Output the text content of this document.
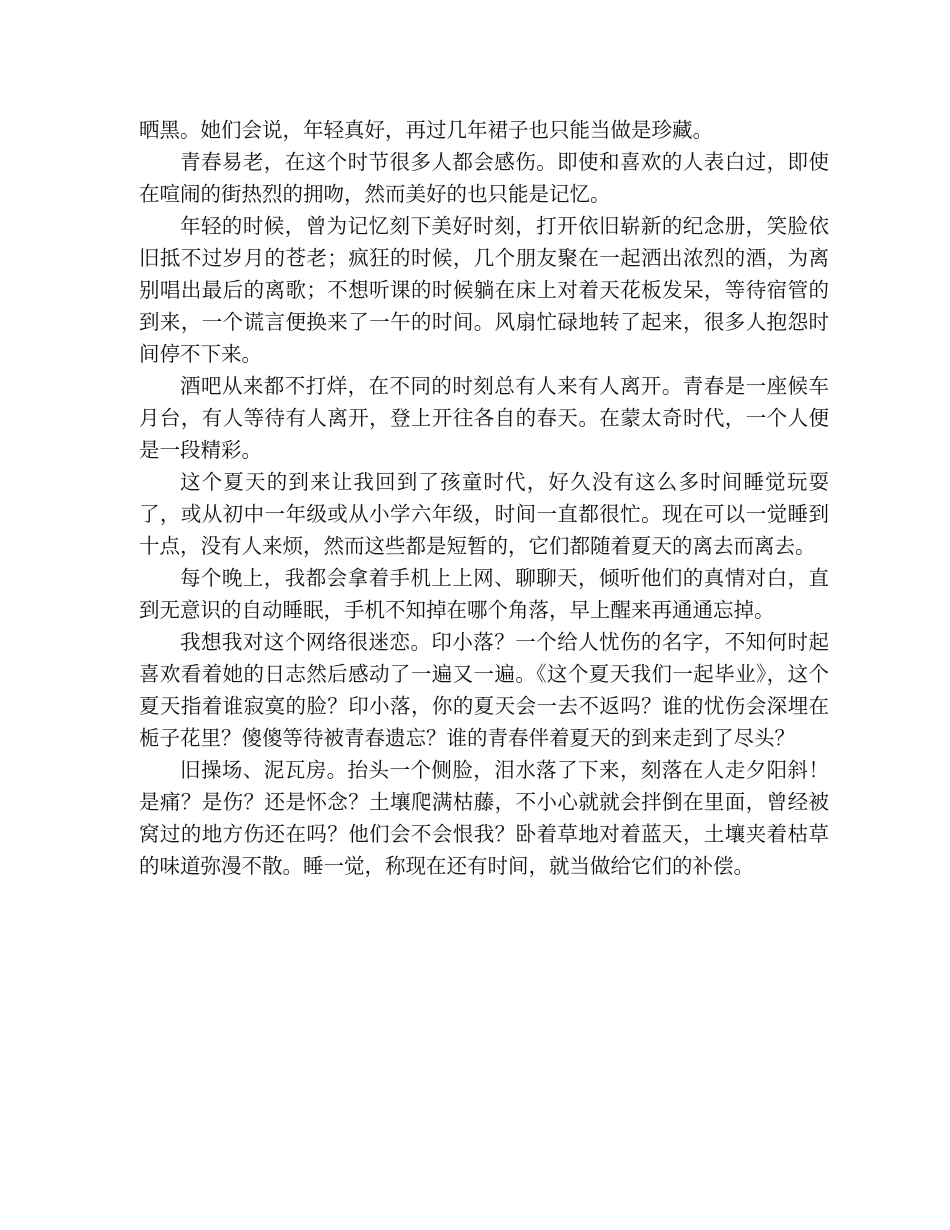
晒黑。她们会说，年轻真好，再过几年裙子也只能当做是珍藏。

青春易老，在这个时节很多人都会感伤。即使和喜欢的人表白过，即使在喧闹的街热烈的拥吻，然而美好的也只能是记忆。

年轻的时候，曾为记忆刻下美好时刻，打开依旧崭新的纪念册，笑脸依旧抵不过岁月的苍老；疯狂的时候，几个朋友聚在一起洒出浓烈的酒，为离别唱出最后的离歌；不想听课的时候躺在床上对着天花板发呆，等待宿管的到来，一个谎言便换来了一午的时间。风扇忙碌地转了起来，很多人抱怨时间停不下来。

酒吧从来都不打烊，在不同的时刻总有人来有人离开。青春是一座候车月台，有人等待有人离开，登上开往各自的春天。在蒙太奇时代，一个人便是一段精彩。

这个夏天的到来让我回到了孩童时代，好久没有这么多时间睡觉玩耍了，或从初中一年级或从小学六年级，时间一直都很忙。现在可以一觉睡到十点，没有人来烦，然而这些都是短暂的，它们都随着夏天的离去而离去。

每个晚上，我都会拿着手机上上网、聊聊天，倾听他们的真情对白，直到无意识的自动睡眠，手机不知掉在哪个角落，早上醒来再通通忘掉。

我想我对这个网络很迷恋。印小落？一个给人忧伤的名字，不知何时起喜欢看着她的日志然后感动了一遍又一遍。《这个夏天我们一起毕业》，这个夏天指着谁寂寞的脸？印小落，你的夏天会一去不返吗？谁的忧伤会深埋在栀子花里？傻傻等待被青春遗忘？谁的青春伴着夏天的到来走到了尽头？

旧操场、泥瓦房。抬头一个侧脸，泪水落了下来，刻落在人走夕阳斜！是痛？是伤？还是怀念？土壤爬满枯藤，不小心就就会拌倒在里面，曾经被窝过的地方伤还在吗？他们会不会恨我？卧着草地对着蓝天，土壤夹着枯草的味道弥漫不散。睡一觉，称现在还有时间，就当做给它们的补偿。
